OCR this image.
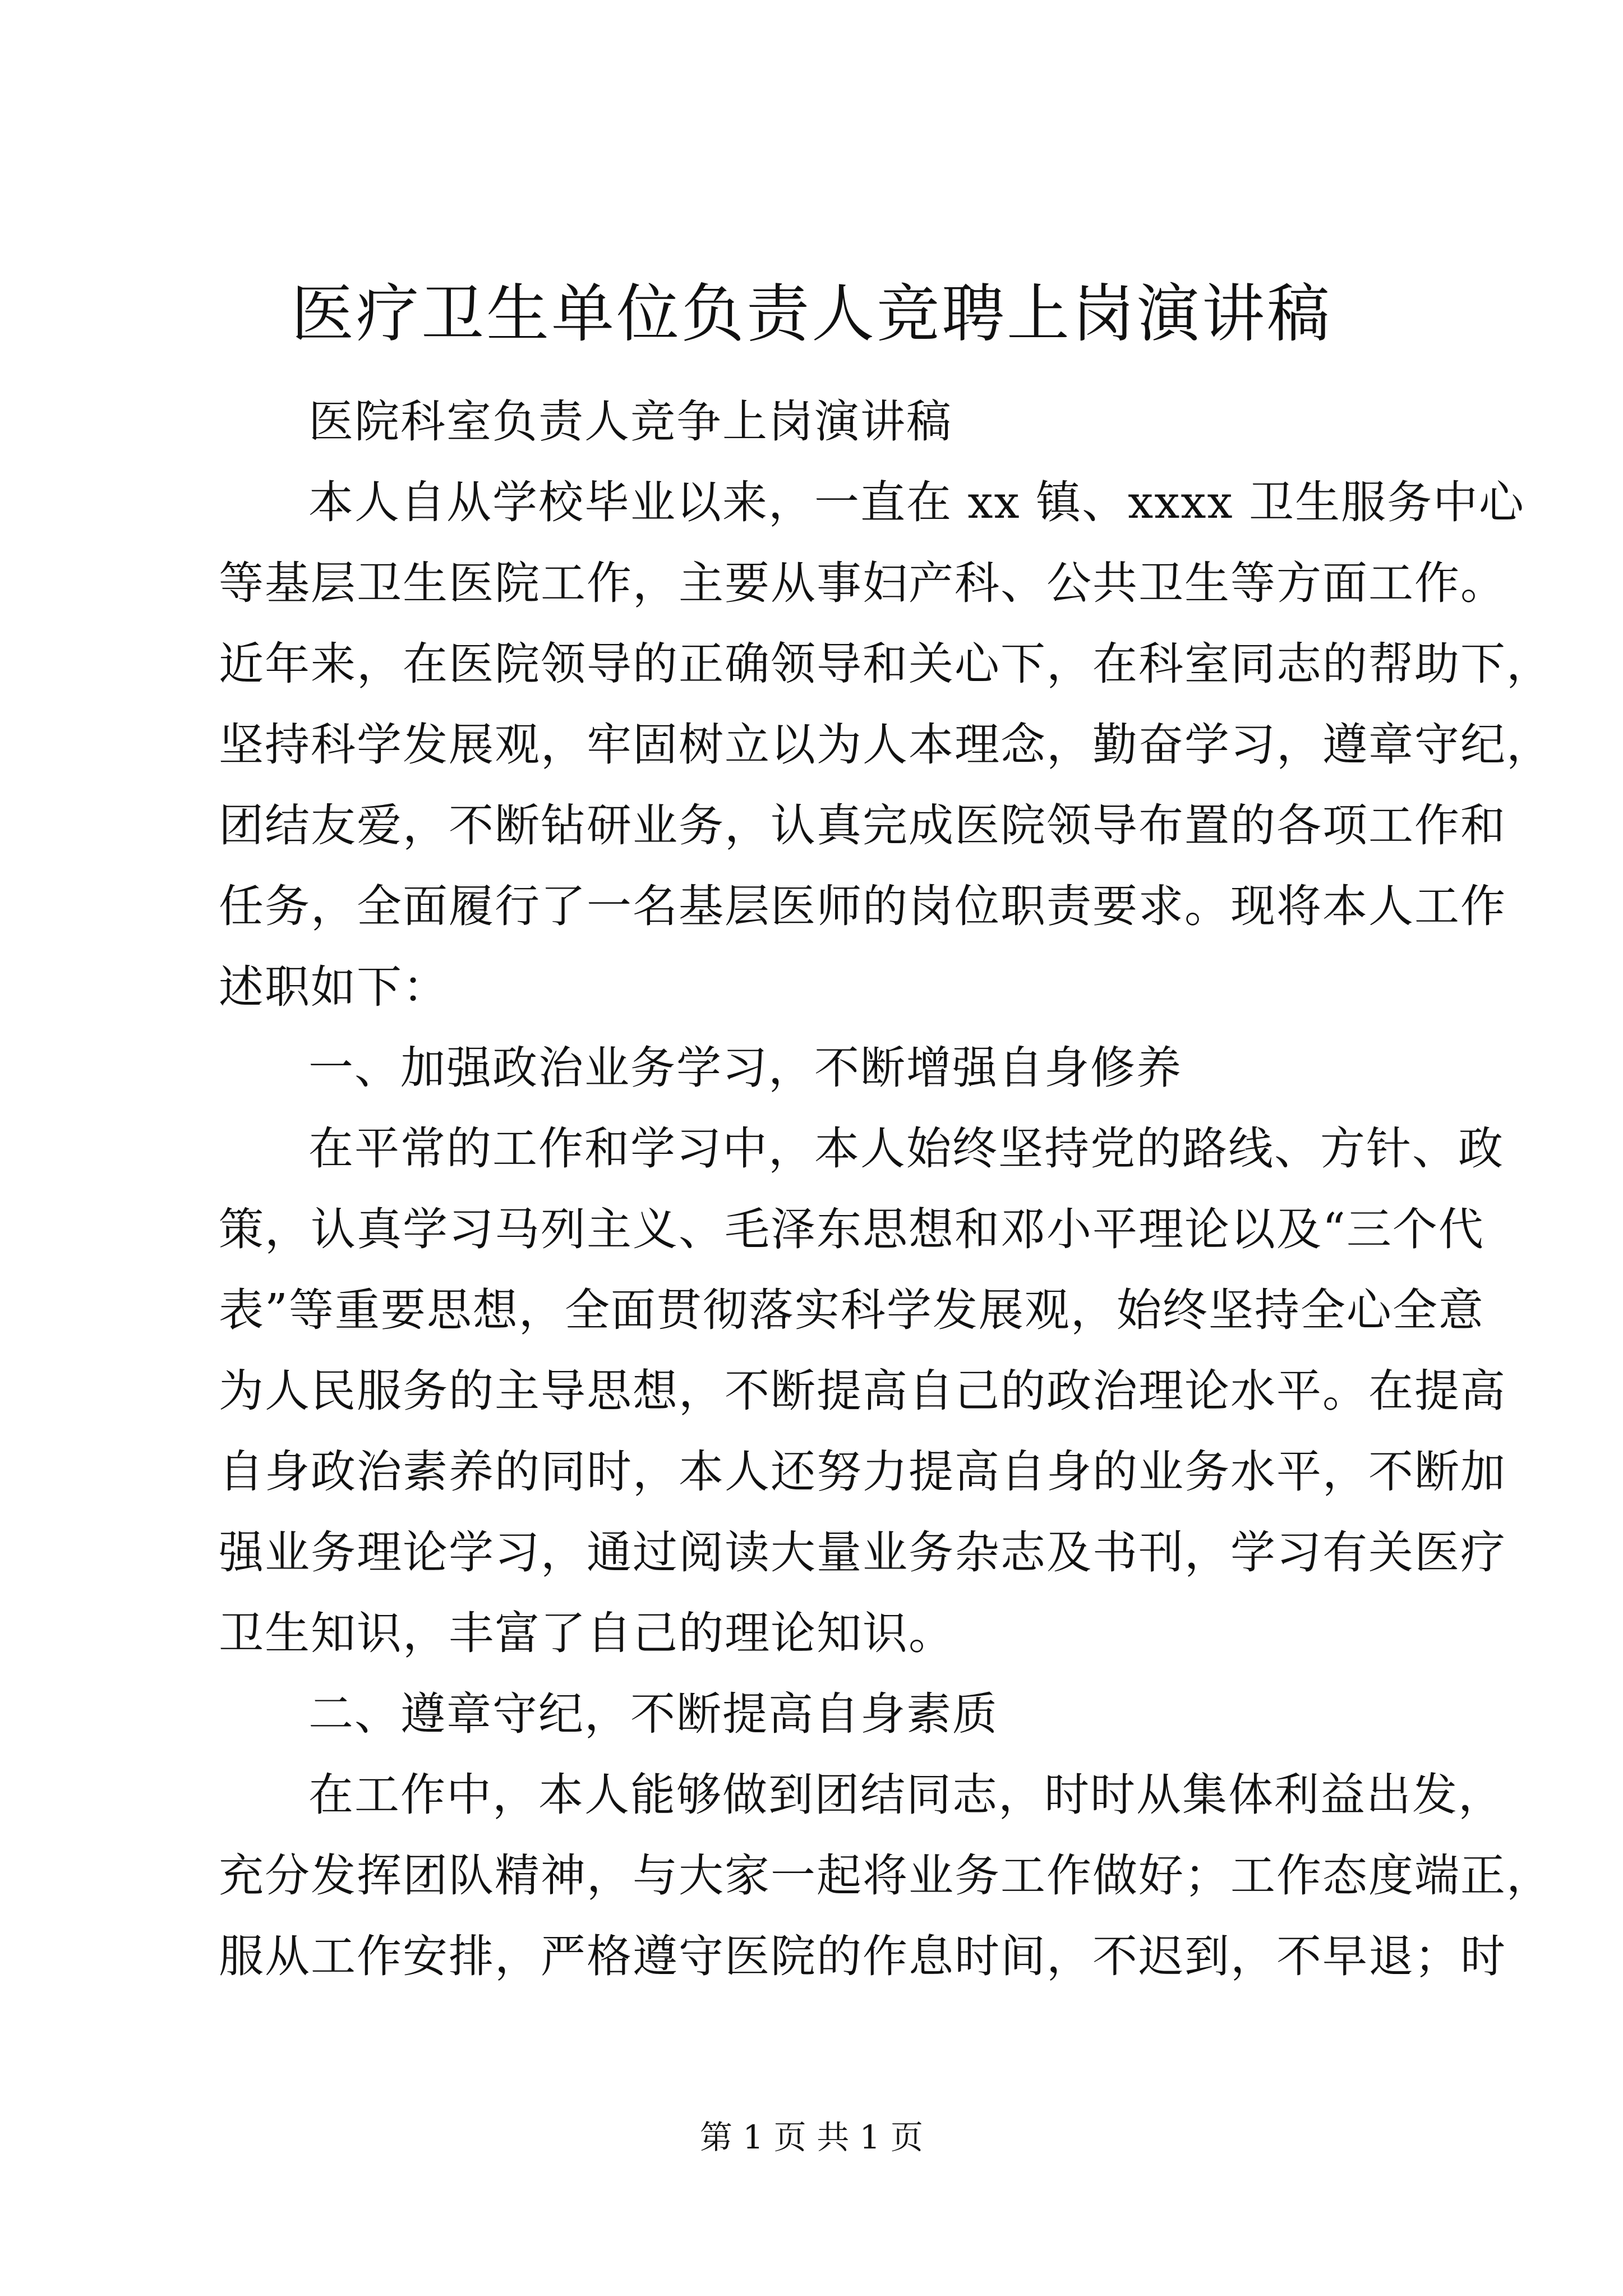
医疗卫生单位负责人竞聘上岗演讲稿
医院科室负责人竞争上岗演讲稿
本人自从学校毕业以来，一直在 xx 镇、xxxx 卫生服务中心
等基层卫生医院工作，主要从事妇产科、公共卫生等方面工作。
近年来，在医院领导的正确领导和关心下，在科室同志的帮助下，
坚持科学发展观，牢固树立以为人本理念，勤奋学习，遵章守纪，
团结友爱，不断钻研业务，认真完成医院领导布置的各项工作和
任务，全面履行了一名基层医师的岗位职责要求。现将本人工作
述职如下：
一、加强政治业务学习，不断增强自身修养
在平常的工作和学习中，本人始终坚持党的路线、方针、政
策，认真学习马列主义、毛泽东思想和邓小平理论以及“三个代
表”等重要思想，全面贯彻落实科学发展观，始终坚持全心全意
为人民服务的主导思想，不断提高自己的政治理论水平。在提高
自身政治素养的同时，本人还努力提高自身的业务水平，不断加
强业务理论学习，通过阅读大量业务杂志及书刊，学习有关医疗
卫生知识，丰富了自己的理论知识。
二、遵章守纪，不断提高自身素质
在工作中，本人能够做到团结同志，时时从集体利益出发，
充分发挥团队精神，与大家一起将业务工作做好；工作态度端正，
服从工作安排，严格遵守医院的作息时间，不迟到，不早退；时
第 1 页 共 1 页
